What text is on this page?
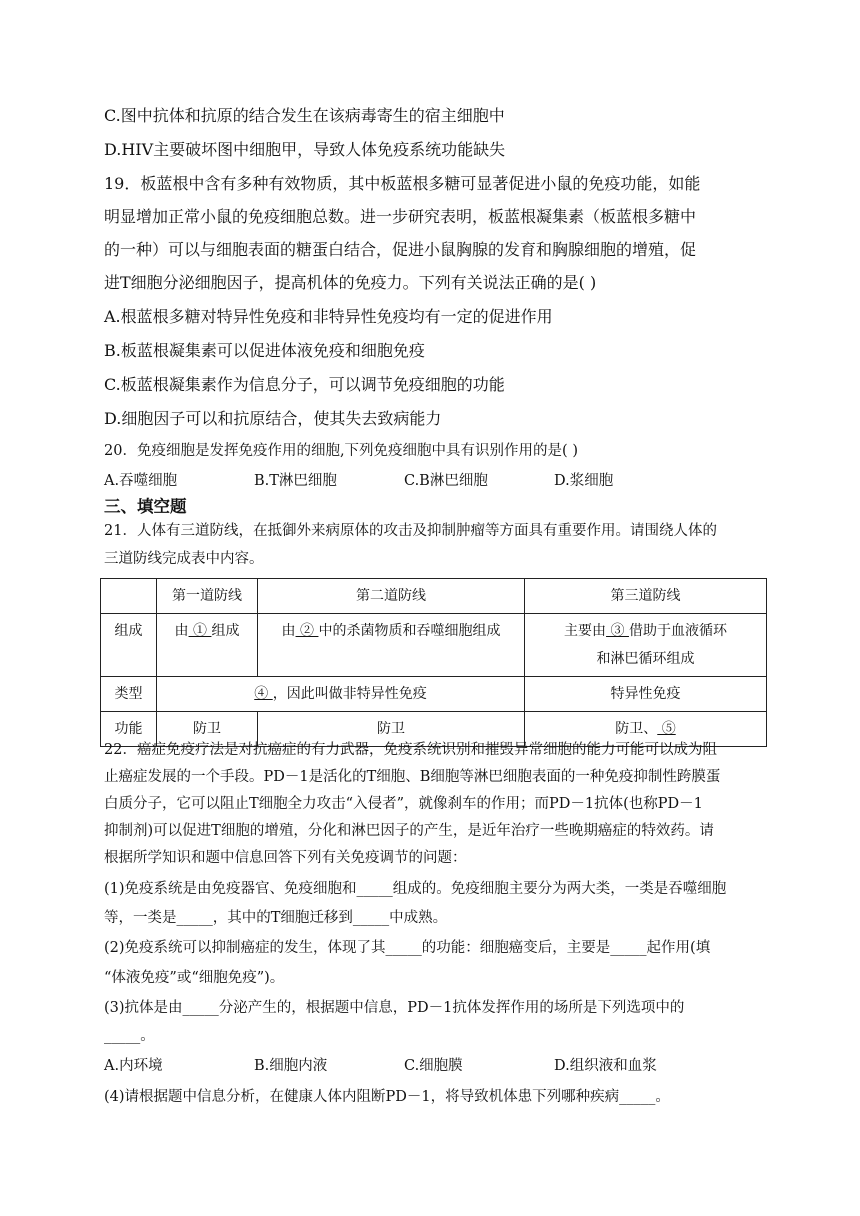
C.图中抗体和抗原的结合发生在该病毒寄生的宿主细胞中
D.HIV主要破坏图中细胞甲，导致人体免疫系统功能缺失
19．板蓝根中含有多种有效物质，其中板蓝根多糖可显著促进小鼠的免疫功能，如能
明显增加正常小鼠的免疫细胞总数。进一步研究表明，板蓝根凝集素（板蓝根多糖中
的一种）可以与细胞表面的糖蛋白结合，促进小鼠胸腺的发育和胸腺细胞的增殖，促
进T细胞分泌细胞因子，提高机体的免疫力。下列有关说法正确的是( )
A.根蓝根多糖对特异性免疫和非特异性免疫均有一定的促进作用
B.板蓝根凝集素可以促进体液免疫和细胞免疫
C.板蓝根凝集素作为信息分子，可以调节免疫细胞的功能
D.细胞因子可以和抗原结合，使其失去致病能力
20．免疫细胞是发挥免疫作用的细胞,下列免疫细胞中具有识别作用的是( )
A.吞噬细胞	B.T淋巴细胞	C.B淋巴细胞	D.浆细胞
三、填空题
21．人体有三道防线，在抵御外来病原体的攻击及抑制肿瘤等方面具有重要作用。请围绕人体的
三道防线完成表中内容。
	第一道防线	第二道防线	第三道防线
组成	由 ① 组成	由 ② 中的杀菌物质和吞噬细胞组成	主要由 ③ 借助于血液循环
和淋巴循环组成
类型	④ ，因此叫做非特异性免疫		特异性免疫
功能	防卫	防卫	防卫、 ⑤
22．癌症免疫疗法是对抗癌症的有力武器，免疫系统识别和摧毁异常细胞的能力可能可以成为阻
止癌症发展的一个手段。PD－1是活化的T细胞、B细胞等淋巴细胞表面的一种免疫抑制性跨膜蛋
白质分子，它可以阻止T细胞全力攻击“入侵者”，就像刹车的作用；而PD－1抗体(也称PD－1
抑制剂)可以促进T细胞的增殖，分化和淋巴因子的产生，是近年治疗一些晚期癌症的特效药。请
根据所学知识和题中信息回答下列有关免疫调节的问题：
(1)免疫系统是由免疫器官、免疫细胞和_____组成的。免疫细胞主要分为两大类，一类是吞噬细胞
等，一类是_____，其中的T细胞迁移到_____中成熟。
(2)免疫系统可以抑制癌症的发生，体现了其_____的功能：细胞癌变后，主要是_____起作用(填
“体液免疫”或“细胞免疫”)。
(3)抗体是由_____分泌产生的，根据题中信息，PD－1抗体发挥作用的场所是下列选项中的
_____。
A.内环境	B.细胞内液	C.细胞膜	D.组织液和血浆
(4)请根据题中信息分析，在健康人体内阻断PD－1，将导致机体患下列哪种疾病_____。
